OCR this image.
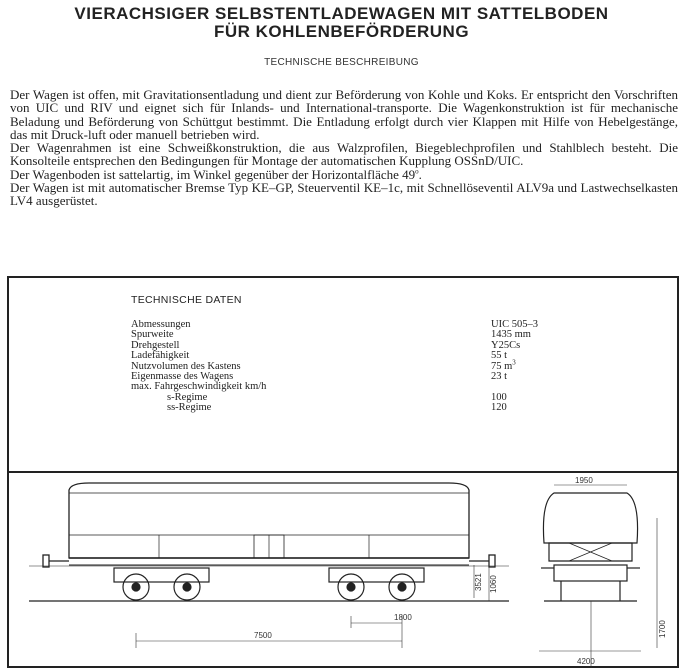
VIERACHSIGER SELBSTENTLADEWAGEN MIT SATTELBODEN
FÜR KOHLENBEFÖRDERUNG
TECHNISCHE BESCHREIBUNG

Der Wagen ist offen, mit Gravitationsentladung und dient zur Beförderung von Kohle und Koks. Er entspricht den Vorschriften von UIC und RIV und eignet sich für Inlands- und International-transporte. Die Wagenkonstruktion ist für mechanische Beladung und Beförderung von Schüttgut bestimmt. Die Entladung erfolgt durch vier Klappen mit Hilfe von Hebelgestänge, das mit Druck-luft oder manuell betrieben wird.

Der Wagenrahmen ist eine Schweißkonstruktion, die aus Walzprofilen, Biegeblechprofilen und Stahlblech besteht. Die Konsolteile entsprechen den Bedingungen für Montage der automatischen Kupplung OSSnD/UIC.

Der Wagenboden ist sattelartig, im Winkel gegenüber der Horizontalfläche 49$^o$.

Der Wagen ist mit automatischer Bremse Typ KE–GP, Steuerventil KE–1c, mit Schnellöseventil ALV9a und Lastwechselkasten LV4 ausgerüstet.

TECHNISCHE DATEN
Abmessungen
Spurweite
Drehgestell
Ladefähigkeit
Nutzvolumen des Kastens
Eigenmasse des Wagens
max. Fahrgeschwindigkeit km/h
s-Regime
ss-Regime
UIC 505–3
1435 mm
Y25Cs
55 t
75 $m^3$
23 t
100
120
3521 1060
1800
7500
1950
1700
4200
